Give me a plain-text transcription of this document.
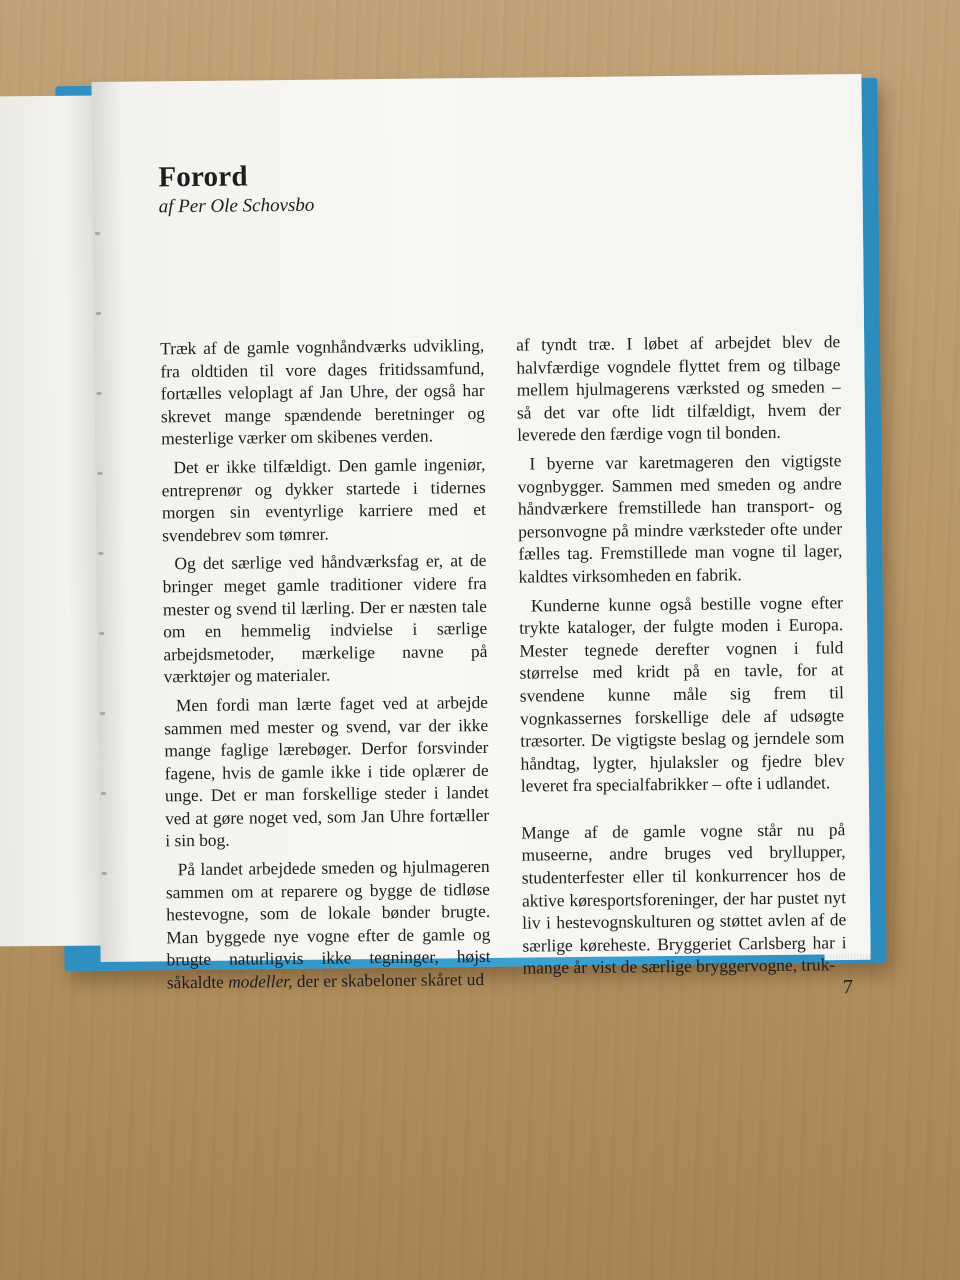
Forord
af Per Ole Schovsbo

Træk af de gamle vognhåndværks udvikling, fra oldtiden til vore dages fritidssamfund, fortælles veloplagt af Jan Uhre, der også har skrevet mange spændende beretninger og mesterlige værker om skibenes verden.

Det er ikke tilfældigt. Den gamle ingeniør, entreprenør og dykker startede i tidernes morgen sin eventyrlige karriere med et svendebrev som tømrer.

Og det særlige ved håndværksfag er, at de bringer meget gamle traditioner videre fra mester og svend til lærling. Der er næsten tale om en hemmelig indvielse i særlige arbejdsmetoder, mærkelige navne på værktøjer og materialer.

Men fordi man lærte faget ved at arbejde sammen med mester og svend, var der ikke mange faglige lærebøger. Derfor forsvinder fagene, hvis de gamle ikke i tide oplærer de unge. Det er man forskellige steder i landet ved at gøre noget ved, som Jan Uhre fortæller i sin bog.

På landet arbejdede smeden og hjulmageren sammen om at reparere og bygge de tidløse hestevogne, som de lokale bønder brugte. Man byggede nye vogne efter de gamle og brugte naturligvis ikke tegninger, højst såkaldte modeller, der er skabeloner skåret ud

af tyndt træ. I løbet af arbejdet blev de halvfærdige vogndele flyttet frem og tilbage mellem hjulmagerens værksted og smeden – så det var ofte lidt tilfældigt, hvem der leverede den færdige vogn til bonden.

I byerne var karetmageren den vigtigste vognbygger. Sammen med smeden og andre håndværkere fremstillede han transport- og personvogne på mindre værksteder ofte under fælles tag. Fremstillede man vogne til lager, kaldtes virksomheden en fabrik.

Kunderne kunne også bestille vogne efter trykte kataloger, der fulgte moden i Europa. Mester tegnede derefter vognen i fuld størrelse med kridt på en tavle, for at svendene kunne måle sig frem til vognkassernes forskellige dele af udsøgte træsorter. De vigtigste beslag og jerndele som håndtag, lygter, hjulaksler og fjedre blev leveret fra specialfabrikker – ofte i udlandet.

Mange af de gamle vogne står nu på museerne, andre bruges ved bryllupper, studenterfester eller til konkurrencer hos de aktive køresportsforeninger, der har pustet nyt liv i hestevognskulturen og støttet avlen af de særlige køreheste. Bryggeriet Carlsberg har i mange år vist de særlige bryggervogne, truk-

7
